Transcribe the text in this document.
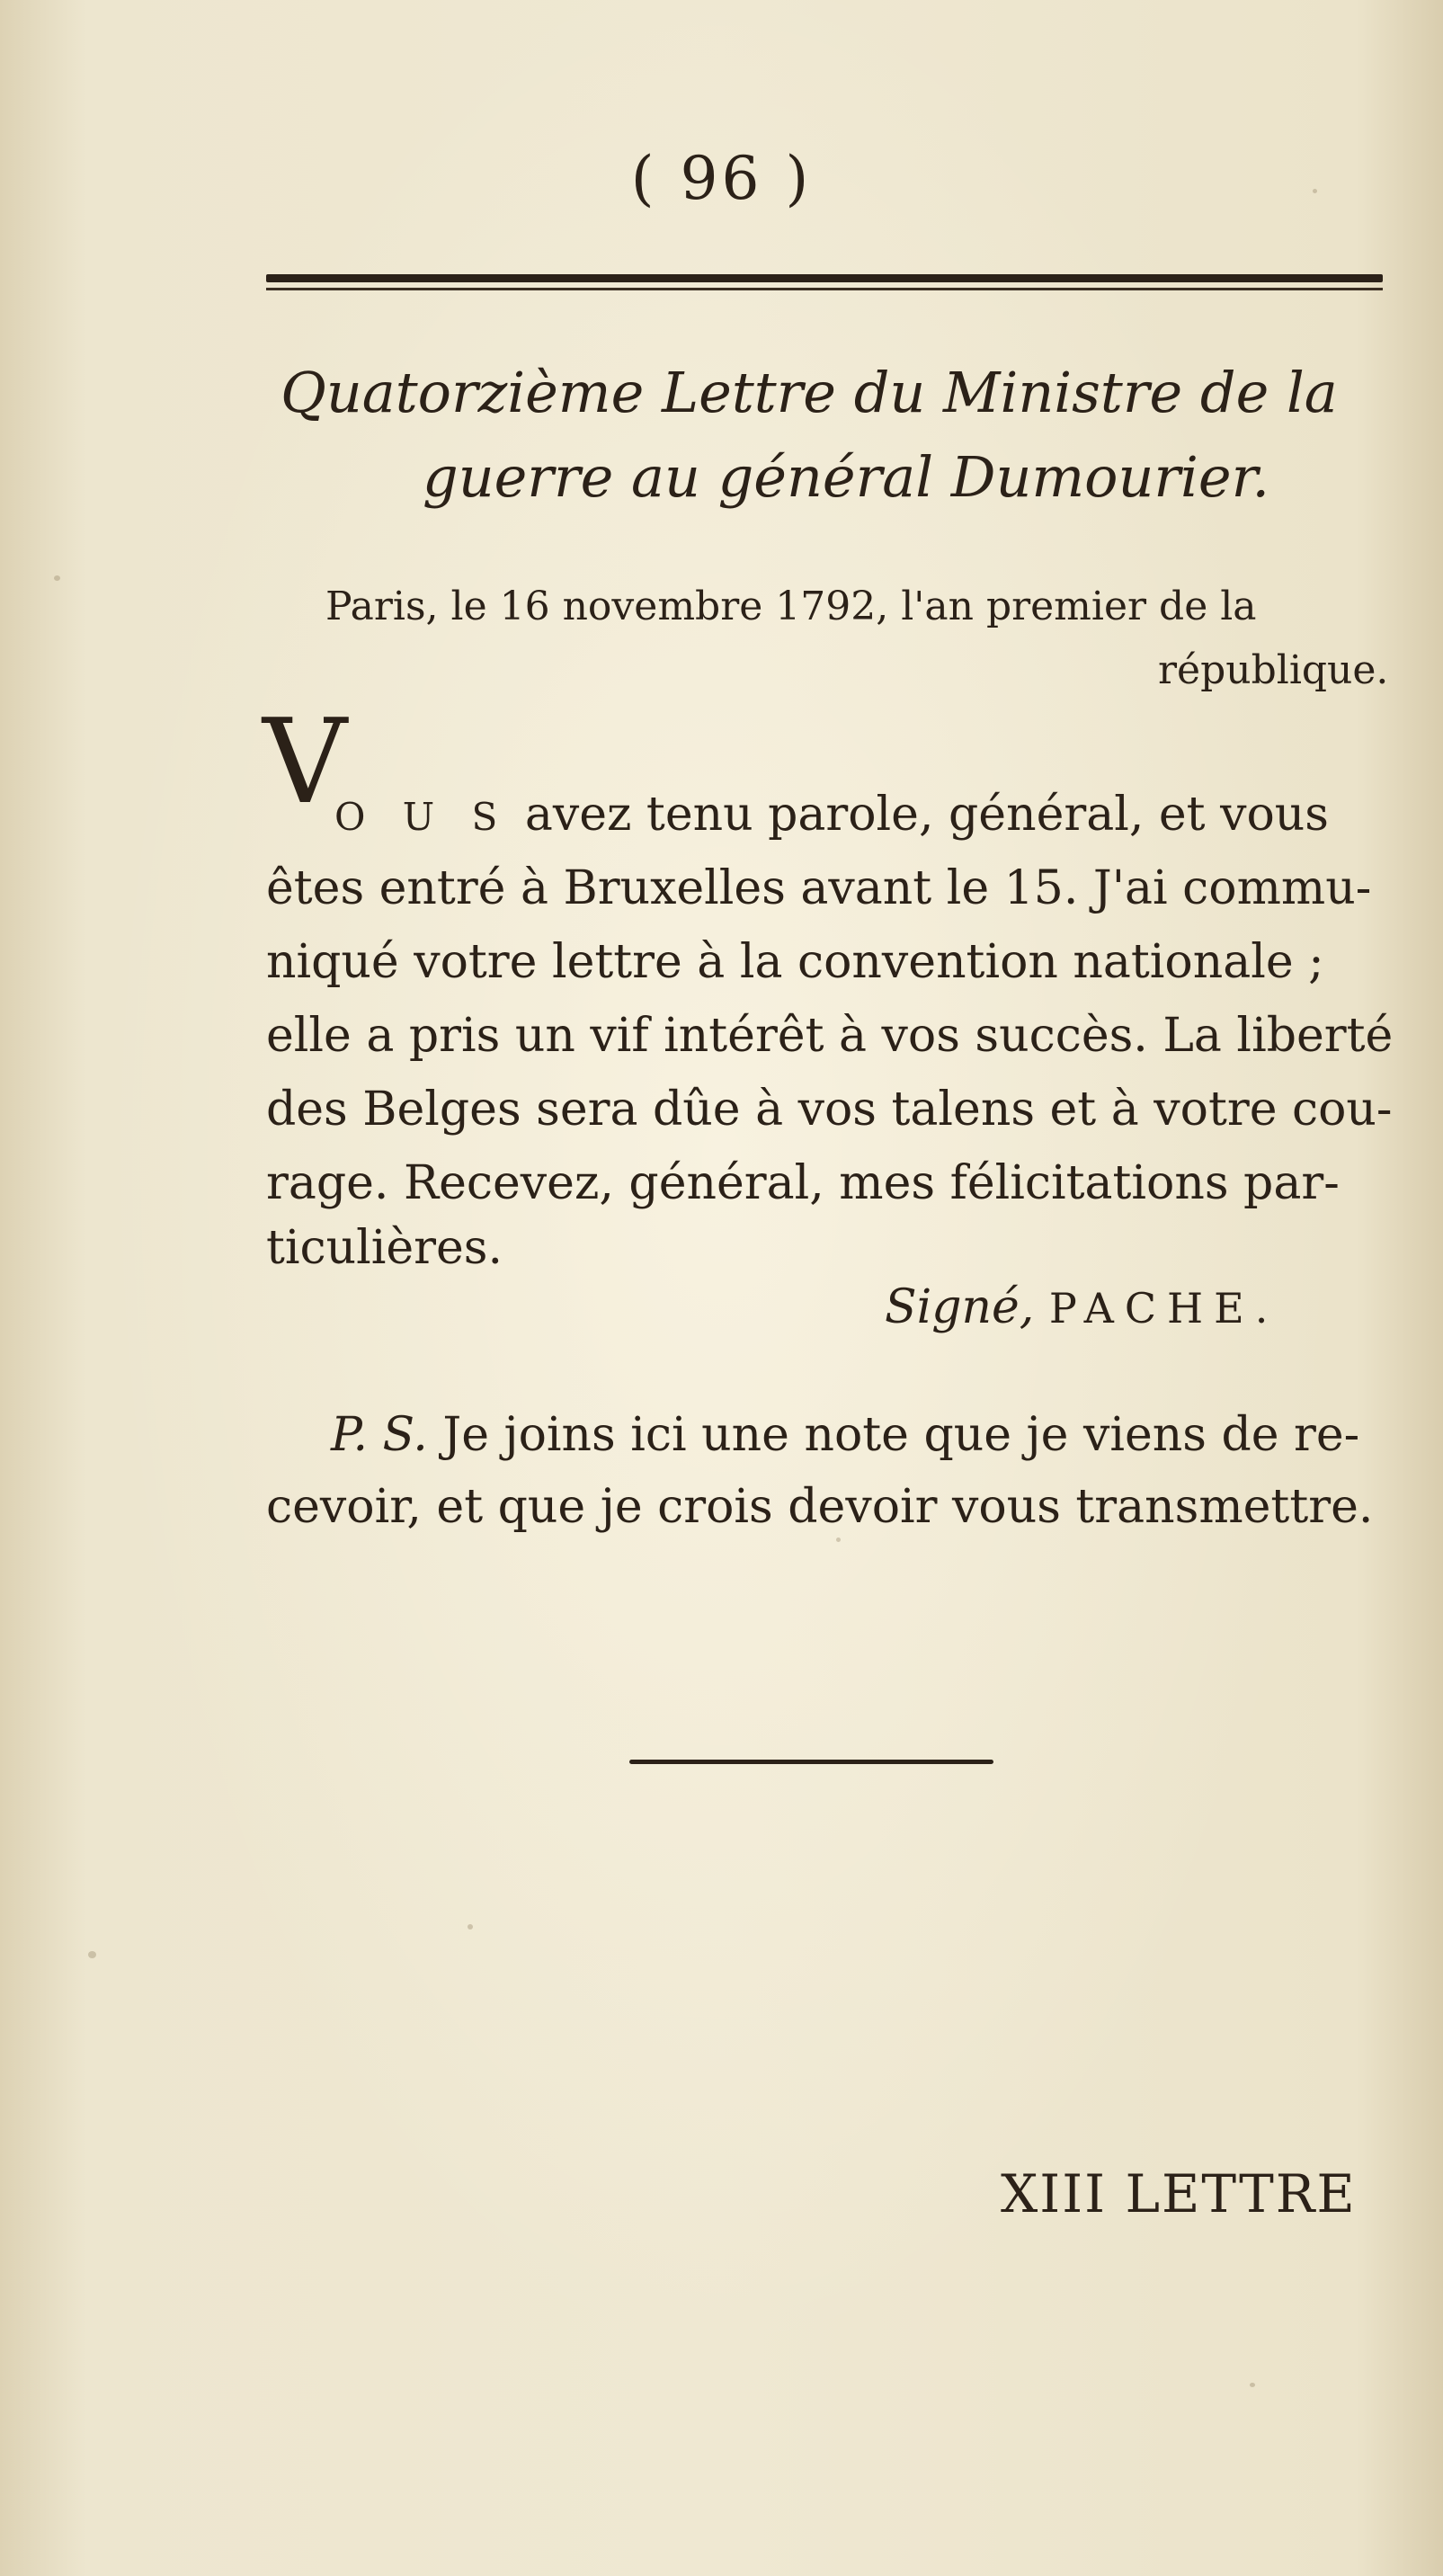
( 96 )
Quatorzième Lettre du Ministre de la
guerre au général Dumourier.
Paris, le 16 novembre 1792, l'an premier de la
république.
V
O U S avez tenu parole, général, et vous
êtes entré à Bruxelles avant le 15. J'ai commu-
niqué votre lettre à la convention nationale ;
elle a pris un vif intérêt à vos succès. La liberté
des Belges sera dûe à vos talens et à votre cou-
rage. Recevez, général, mes félicitations par-
ticulières.
Signé, PACHE.
P. S. Je joins ici une note que je viens de re-
cevoir, et que je crois devoir vous transmettre.
XIII LETTRE
